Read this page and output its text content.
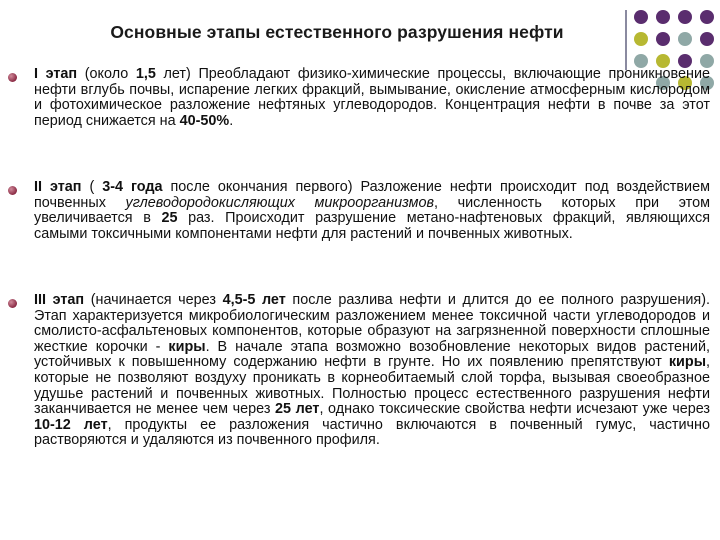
Основные этапы естественного разрушения нефти
I этап (около 1,5 лет) Преобладают физико-химические процессы, включающие проникновение нефти вглубь почвы, испарение легких фракций, вымывание, окисление атмосферным кислородом и фотохимическое разложение нефтяных углеводородов. Концентрация нефти в почве за этот период снижается на 40-50%.
II этап ( 3-4 года после окончания первого) Разложение нефти происходит под воздействием почвенных углеводородокисляющих микроорганизмов, численность которых при этом увеличивается в 25 раз. Происходит разрушение метано-нафтеновых фракций, являющихся самыми токсичными компонентами нефти для растений и почвенных животных.
III этап (начинается через 4,5-5 лет после разлива нефти и длится до ее полного разрушения). Этап характеризуется микробиологическим разложением менее токсичной части углеводородов и смолисто-асфальтеновых компонентов, которые образуют на загрязненной поверхности сплошные жесткие корочки - киры. В начале этапа возможно возобновление некоторых видов растений, устойчивых к повышенному содержанию нефти в грунте. Но их появлению препятствуют киры, которые не позволяют воздуху проникать в корнеобитаемый слой торфа, вызывая своеобразное удушье растений и почвенных животных. Полностью процесс естественного разрушения нефти заканчивается не менее чем через 25 лет, однако токсические свойства нефти исчезают уже через 10-12 лет, продукты ее разложения частично включаются в почвенный гумус, частично растворяются и удаляются из почвенного профиля.
